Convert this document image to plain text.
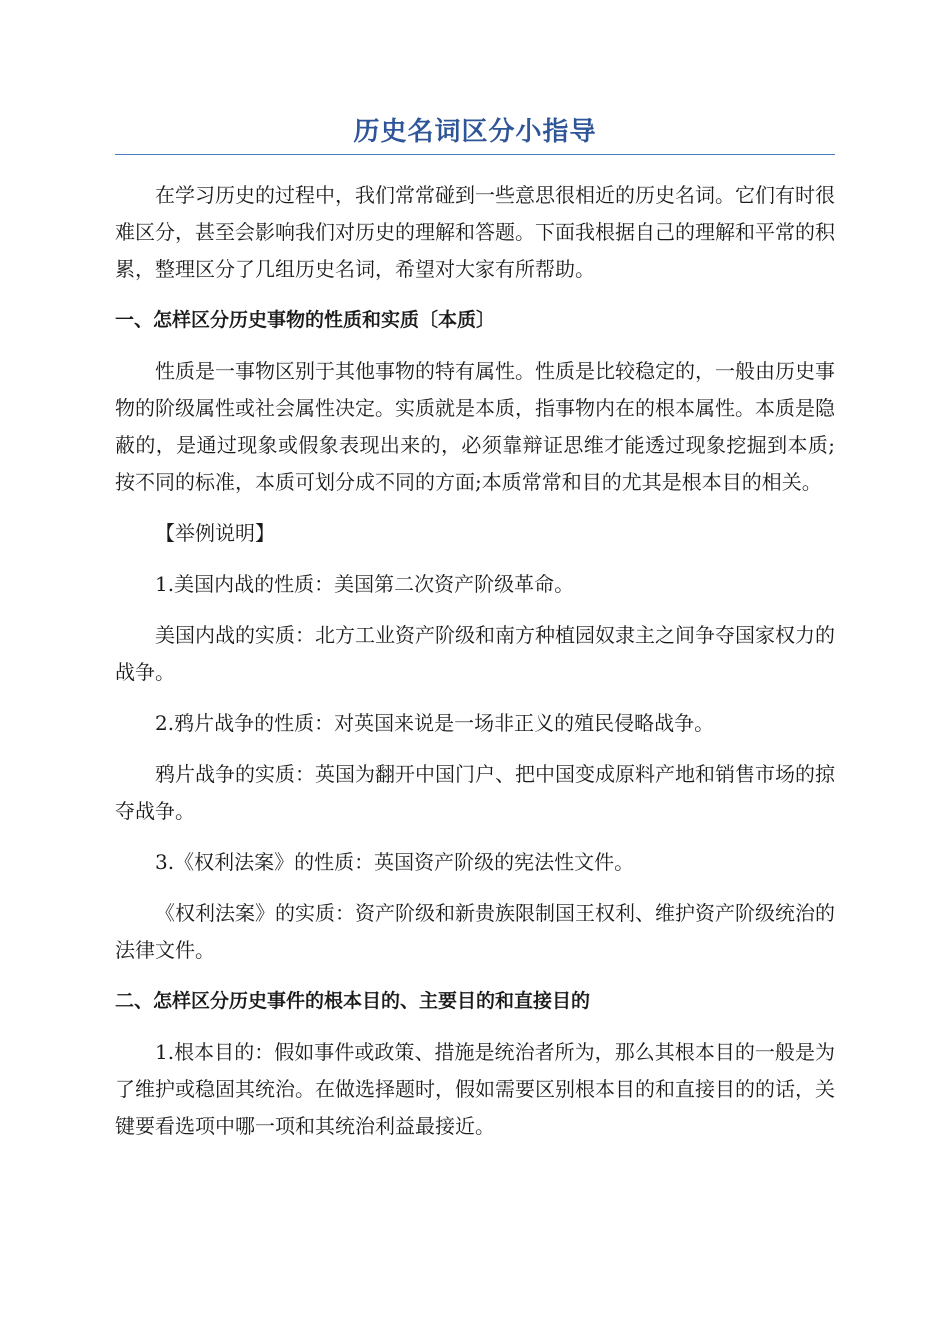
历史名词区分小指导

在学习历史的过程中，我们常常碰到一些意思很相近的历史名词。它们有时很难区分，甚至会影响我们对历史的理解和答题。下面我根据自己的理解和平常的积累，整理区分了几组历史名词，希望对大家有所帮助。

一、怎样区分历史事物的性质和实质〔本质〕

性质是一事物区别于其他事物的特有属性。性质是比较稳定的，一般由历史事物的阶级属性或社会属性决定。实质就是本质，指事物内在的根本属性。本质是隐蔽的，是通过现象或假象表现出来的，必须靠辩证思维才能透过现象挖掘到本质;按不同的标准，本质可划分成不同的方面;本质常常和目的尤其是根本目的相关。

【举例说明】

1.美国内战的性质：美国第二次资产阶级革命。

美国内战的实质：北方工业资产阶级和南方种植园奴隶主之间争夺国家权力的战争。

2.鸦片战争的性质：对英国来说是一场非正义的殖民侵略战争。

鸦片战争的实质：英国为翻开中国门户、把中国变成原料产地和销售市场的掠夺战争。

3.《权利法案》的性质：英国资产阶级的宪法性文件。

《权利法案》的实质：资产阶级和新贵族限制国王权利、维护资产阶级统治的法律文件。

二、怎样区分历史事件的根本目的、主要目的和直接目的

1.根本目的：假如事件或政策、措施是统治者所为，那么其根本目的一般是为了维护或稳固其统治。在做选择题时，假如需要区别根本目的和直接目的的话，关键要看选项中哪一项和其统治利益最接近。
